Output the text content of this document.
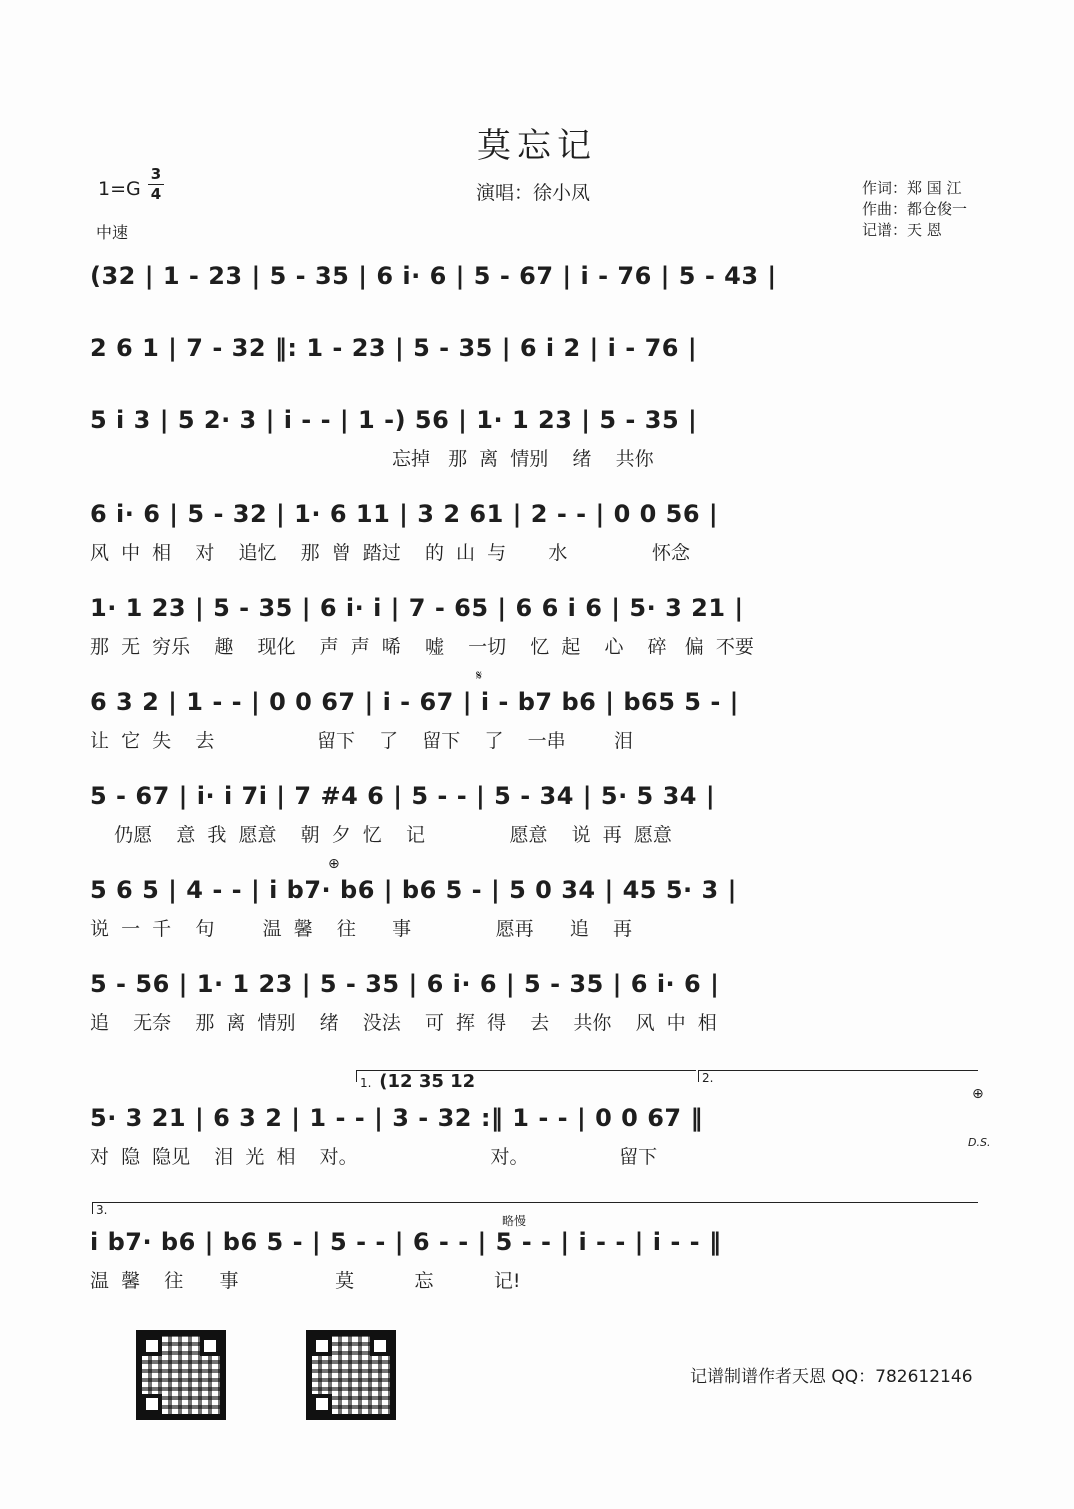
莫忘记
1=G
3
4
中速
演唱：徐小凤	作词：郑 国 江
作曲：都仓俊一
记谱：天 恩
(32 | 1 - 23 | 5 - 35 | 6 i· 6 | 5 - 67 | i - 76 | 5 - 43 |
2 6 1 | 7 - 32 ‖: 1 - 23 | 5 - 35 | 6 i 2 | i - 76 |
5 i 3 | 5 2· 3 | i - - | 1 -) 56 | 1· 1 23 | 5 - 35 |
忘掉   那  离  情别    绪    共你
6 i· 6 | 5 - 32 | 1· 6 11 | 3 2 61 | 2 - - | 0 0 56 |
风  中  相    对    追忆    那  曾  踏过    的  山  与       水              怀念
1· 1 23 | 5 - 35 | 6 i· i | 7 - 65 | 6 6 i 6 | 5· 3 21 |
那  无  穷乐    趣    现化    声  声  唏    嘘    一切    忆  起    心    碎   偏  不要
6 3 2 | 1 - - | 0 0 67 | i - 67 | i - b7 b6 | b65 5 - |
让  它  失    去                 留下    了    留下    了    一串        泪
𝄋
5 - 67 | i· i 7i | 7 #4 6 | 5 - - | 5 - 34 | 5· 5 34 |
仍愿    意  我  愿意    朝  夕  忆    记              愿意    说  再  愿意
5 6 5 | 4 - - | i b7· b6 | b6 5 - | 5 0 34 | 45 5· 3 |
说  一  千    句        温  馨    往      事              愿再      追    再
⊕
5 - 56 | 1· 1 23 | 5 - 35 | 6 i· 6 | 5 - 35 | 6 i· 6 |
追    无奈    那  离  情别    绪    没法    可  挥  得    去    共你    风  中  相
1. (12 35 12	2.
5· 3 21 | 6 3 2 | 1 - - | 3 - 32 :‖ 1 - - | 0 0 67 ‖
对  隐  隐见    泪  光  相    对。                      对。               留下
⊕
D.S.
3.
略慢
i b7· b6 | b6 5 - | 5 - - | 6 - - | 5 - - | i - - | i - - ‖
温  馨    往      事                莫          忘          记!
记谱制谱作者天恩 QQ：782612146
